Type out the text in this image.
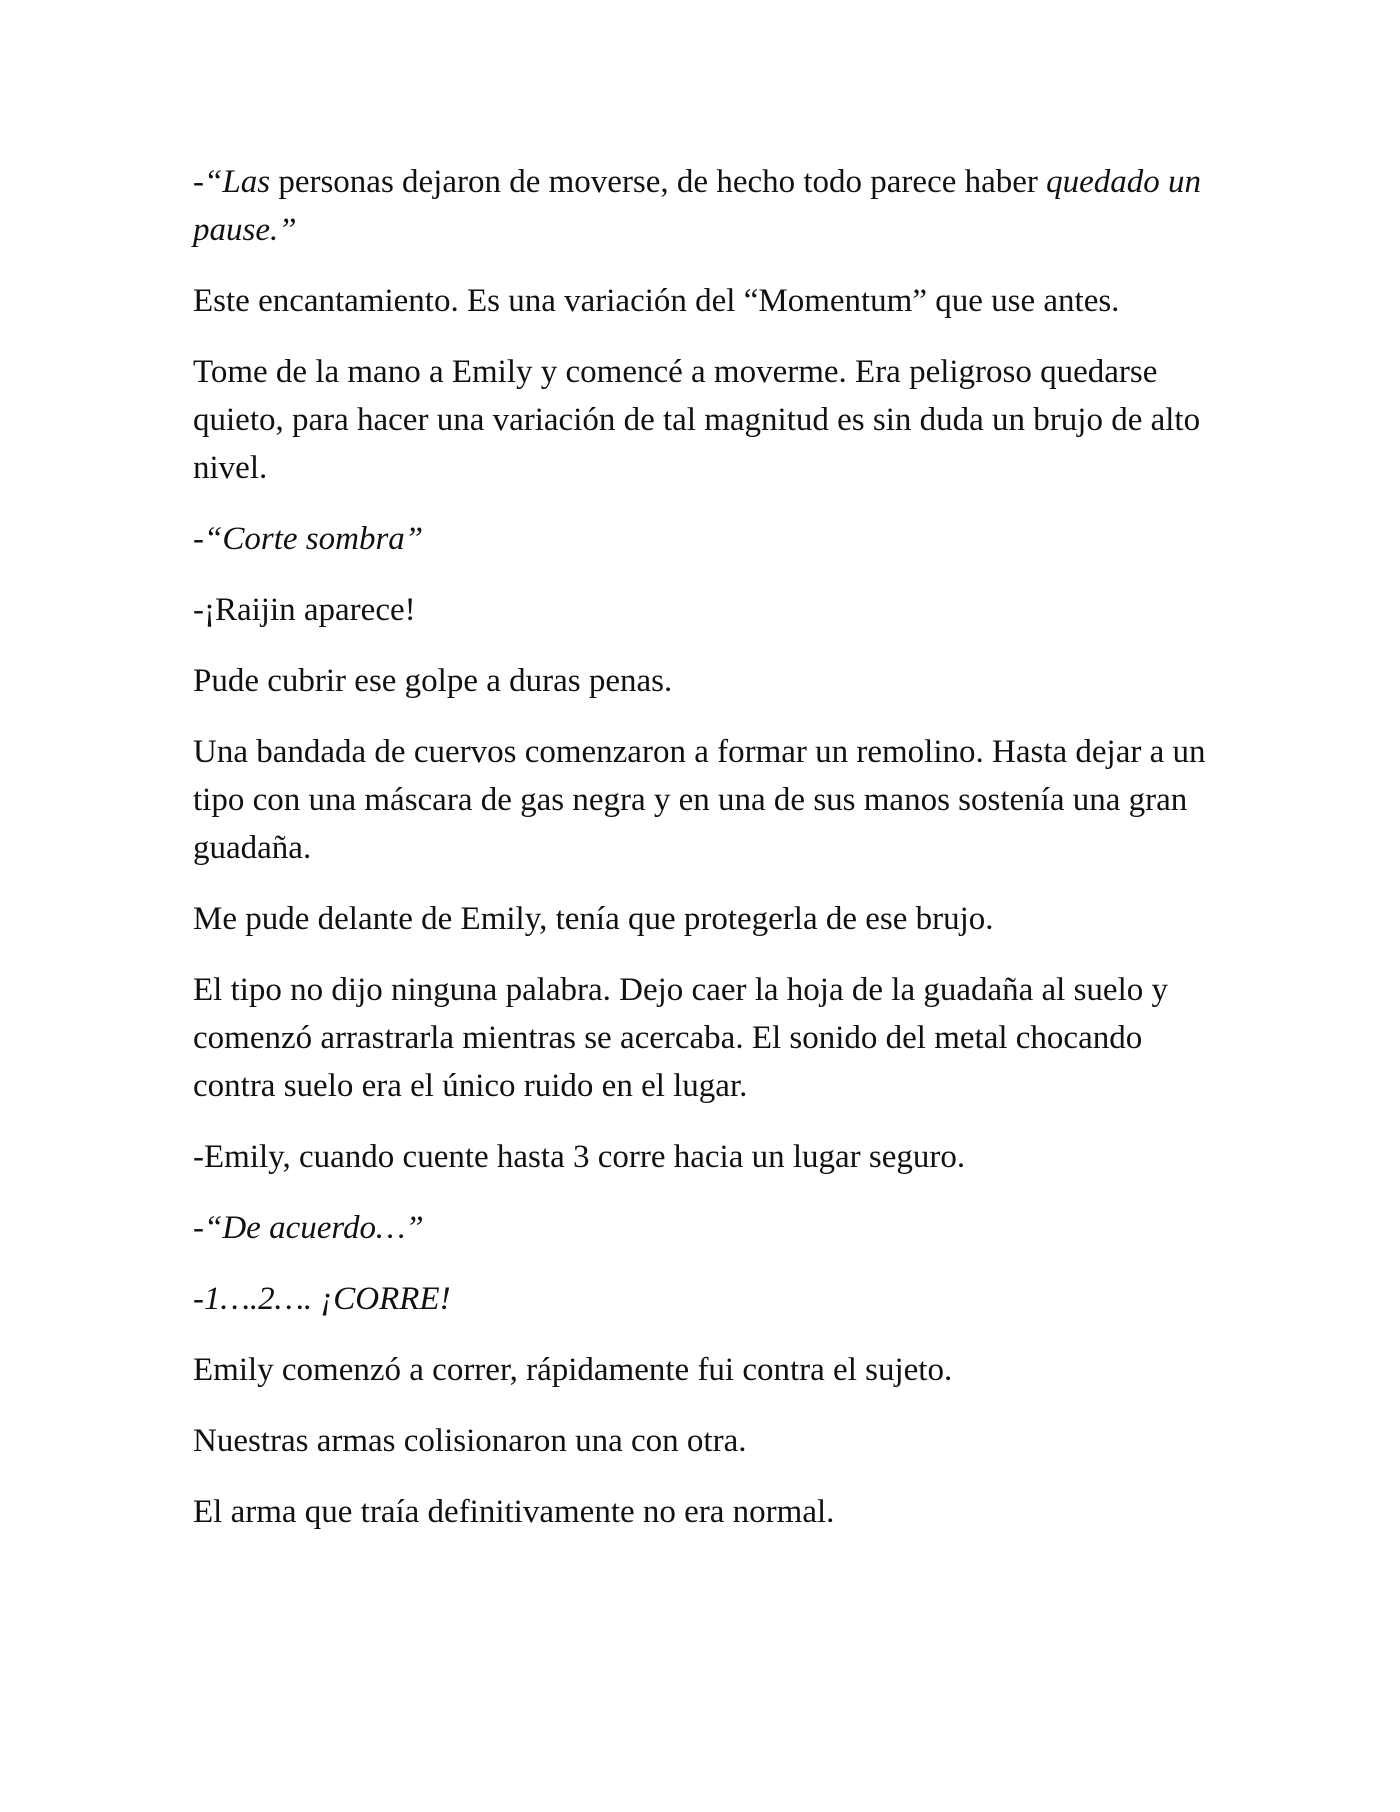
-“Las personas dejaron de moverse, de hecho todo parece haber quedado un pause.”

Este encantamiento. Es una variación del “Momentum” que use antes.

Tome de la mano a Emily y comencé a moverme. Era peligroso quedarse quieto, para hacer una variación de tal magnitud es sin duda un brujo de alto nivel.

-“Corte sombra”

-¡Raijin aparece!

Pude cubrir ese golpe a duras penas.

Una bandada de cuervos comenzaron a formar un remolino. Hasta dejar a un tipo con una máscara de gas negra y en una de sus manos sostenía una gran guadaña.

Me pude delante de Emily, tenía que protegerla de ese brujo.

El tipo no dijo ninguna palabra. Dejo caer la hoja de la guadaña al suelo y comenzó arrastrarla mientras se acercaba. El sonido del metal chocando contra suelo era el único ruido en el lugar.

-Emily, cuando cuente hasta 3 corre hacia un lugar seguro.

-“De acuerdo…”

-1….2…. ¡CORRE!

Emily comenzó a correr, rápidamente fui contra el sujeto.

Nuestras armas colisionaron una con otra.

El arma que traía definitivamente no era normal.
